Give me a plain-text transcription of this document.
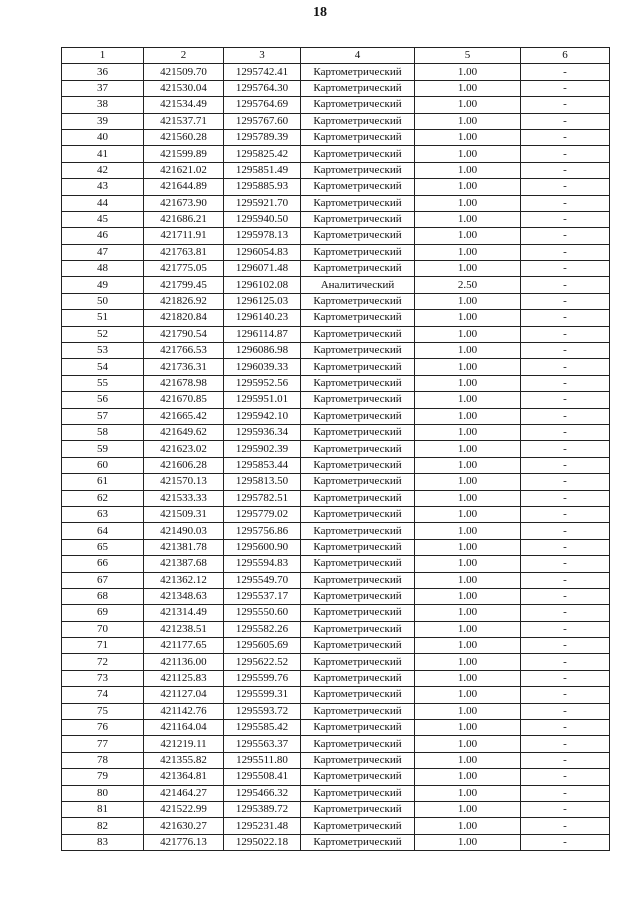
18
1	2	3	4	5	6
36	421509.70	1295742.41	Картометрический	1.00	-
37	421530.04	1295764.30	Картометрический	1.00	-
38	421534.49	1295764.69	Картометрический	1.00	-
39	421537.71	1295767.60	Картометрический	1.00	-
40	421560.28	1295789.39	Картометрический	1.00	-
41	421599.89	1295825.42	Картометрический	1.00	-
42	421621.02	1295851.49	Картометрический	1.00	-
43	421644.89	1295885.93	Картометрический	1.00	-
44	421673.90	1295921.70	Картометрический	1.00	-
45	421686.21	1295940.50	Картометрический	1.00	-
46	421711.91	1295978.13	Картометрический	1.00	-
47	421763.81	1296054.83	Картометрический	1.00	-
48	421775.05	1296071.48	Картометрический	1.00	-
49	421799.45	1296102.08	Аналитический	2.50	-
50	421826.92	1296125.03	Картометрический	1.00	-
51	421820.84	1296140.23	Картометрический	1.00	-
52	421790.54	1296114.87	Картометрический	1.00	-
53	421766.53	1296086.98	Картометрический	1.00	-
54	421736.31	1296039.33	Картометрический	1.00	-
55	421678.98	1295952.56	Картометрический	1.00	-
56	421670.85	1295951.01	Картометрический	1.00	-
57	421665.42	1295942.10	Картометрический	1.00	-
58	421649.62	1295936.34	Картометрический	1.00	-
59	421623.02	1295902.39	Картометрический	1.00	-
60	421606.28	1295853.44	Картометрический	1.00	-
61	421570.13	1295813.50	Картометрический	1.00	-
62	421533.33	1295782.51	Картометрический	1.00	-
63	421509.31	1295779.02	Картометрический	1.00	-
64	421490.03	1295756.86	Картометрический	1.00	-
65	421381.78	1295600.90	Картометрический	1.00	-
66	421387.68	1295594.83	Картометрический	1.00	-
67	421362.12	1295549.70	Картометрический	1.00	-
68	421348.63	1295537.17	Картометрический	1.00	-
69	421314.49	1295550.60	Картометрический	1.00	-
70	421238.51	1295582.26	Картометрический	1.00	-
71	421177.65	1295605.69	Картометрический	1.00	-
72	421136.00	1295622.52	Картометрический	1.00	-
73	421125.83	1295599.76	Картометрический	1.00	-
74	421127.04	1295599.31	Картометрический	1.00	-
75	421142.76	1295593.72	Картометрический	1.00	-
76	421164.04	1295585.42	Картометрический	1.00	-
77	421219.11	1295563.37	Картометрический	1.00	-
78	421355.82	1295511.80	Картометрический	1.00	-
79	421364.81	1295508.41	Картометрический	1.00	-
80	421464.27	1295466.32	Картометрический	1.00	-
81	421522.99	1295389.72	Картометрический	1.00	-
82	421630.27	1295231.48	Картометрический	1.00	-
83	421776.13	1295022.18	Картометрический	1.00	-
